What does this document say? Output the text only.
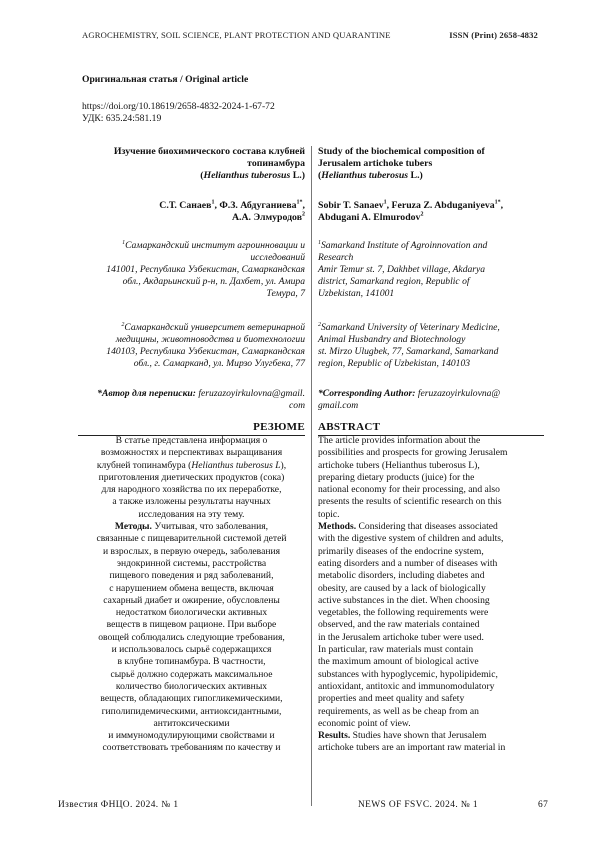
AGROCHEMISTRY, SOIL SCIENCE, PLANT PROTECTION AND QUARANTINE	ISSN (Print) 2658-4832
Оригинальная статья / Original article
https://doi.org/10.18619/2658-4832-2024-1-67-72
УДК: 635.24:581.19
Изучение биохимического состава клубней
топинамбура
(Helianthus tuberosus L.)
Study of the biochemical composition of
Jerusalem artichoke tubers
(Helianthus tuberosus L.)
С.Т. Санаев$^1$, Ф.З. Абдуганиева$^{1*}$,
А.А. Элмуродов$^2$
Sobir T. Sanaev$^1$, Feruza Z. Abduganiyeva$^{1*}$,
Abdugani A. Elmurodov$^2$
$^1$Самаркандский институт агроинновации и
исследований
141001, Республика Узбекистан, Самаркандская
обл., Акдарьинский р-н, п. Дахбет, ул. Амира
Темура, 7
$^1$Samarkand Institute of Agroinnovation and
Research
Amir Temur st. 7, Dakhbet village, Akdarya
district, Samarkand region, Republic of
Uzbekistan, 141001
$^2$Самаркандский университет ветеринарной
медицины, животноводства и биотехнологии
140103, Республика Узбекистан, Самаркандская
обл., г. Самарканд, ул. Мирзо Улугбека, 77
$^2$Samarkand University of Veterinary Medicine,
Animal Husbandry and Biotechnology
st. Mirzo Ulugbek, 77, Samarkand, Samarkand
region, Republic of Uzbekistan, 140103
*Автор для переписки: feruzazoyirkulovna@gmail.
com
*Corresponding Author: feruzazoyirkulovna@
gmail.com
РЕЗЮМЕ ABSTRACT

В статье представлена информация о

возможностях и перспективах выращивания

клубней топинамбура (Helianthus tuberosus L),

приготовления диетических продуктов (сока)

для народного хозяйства по их переработке,

а также изложены результаты научных

исследования на эту тему.

Методы. Учитывая, что заболевания,

связанные с пищеварительной системой детей

и взрослых, в первую очередь, заболевания

эндокринной системы, расстройства

пищевого поведения и ряд заболеваний,

с нарушением обмена веществ, включая

сахарный диабет и ожирение, обусловлены

недостатком биологически активных

веществ в пищевом рационе. При выборе

овощей соблюдались следующие требования,

и использовалось сырьё содержащихся

в клубне топинамбура. В частности,

сырьё должно содержать максимальное

количество биологических активных

веществ, обладающих гипогликемическими,

гиполипидемическими, антиоксидантными,

антитоксическими

и иммуномодулирующими свойствами и

соответствовать требованиям по качеству и

The article provides information about the

possibilities and prospects for growing Jerusalem

artichoke tubers (Helianthus tuberosus L),

preparing dietary products (juice) for the

national economy for their processing, and also

presents the results of scientific research on this

topic.

Methods. Considering that diseases associated

with the digestive system of children and adults,

primarily diseases of the endocrine system,

eating disorders and a number of diseases with

metabolic disorders, including diabetes and

obesity, are caused by a lack of biologically

active substances in the diet. When choosing

vegetables, the following requirements were

observed, and the raw materials contained

in the Jerusalem artichoke tuber were used.

In particular, raw materials must contain

the maximum amount of biological active

substances with hypoglycemic, hypolipidemic,

antioxidant, antitoxic and immunomodulatory

properties and meet quality and safety

requirements, as well as be cheap from an

economic point of view.

Results. Studies have shown that Jerusalem

artichoke tubers are an important raw material in

Известия ФНЦО. 2024. № 1	NEWS OF FSVC. 2024. № 1	67
